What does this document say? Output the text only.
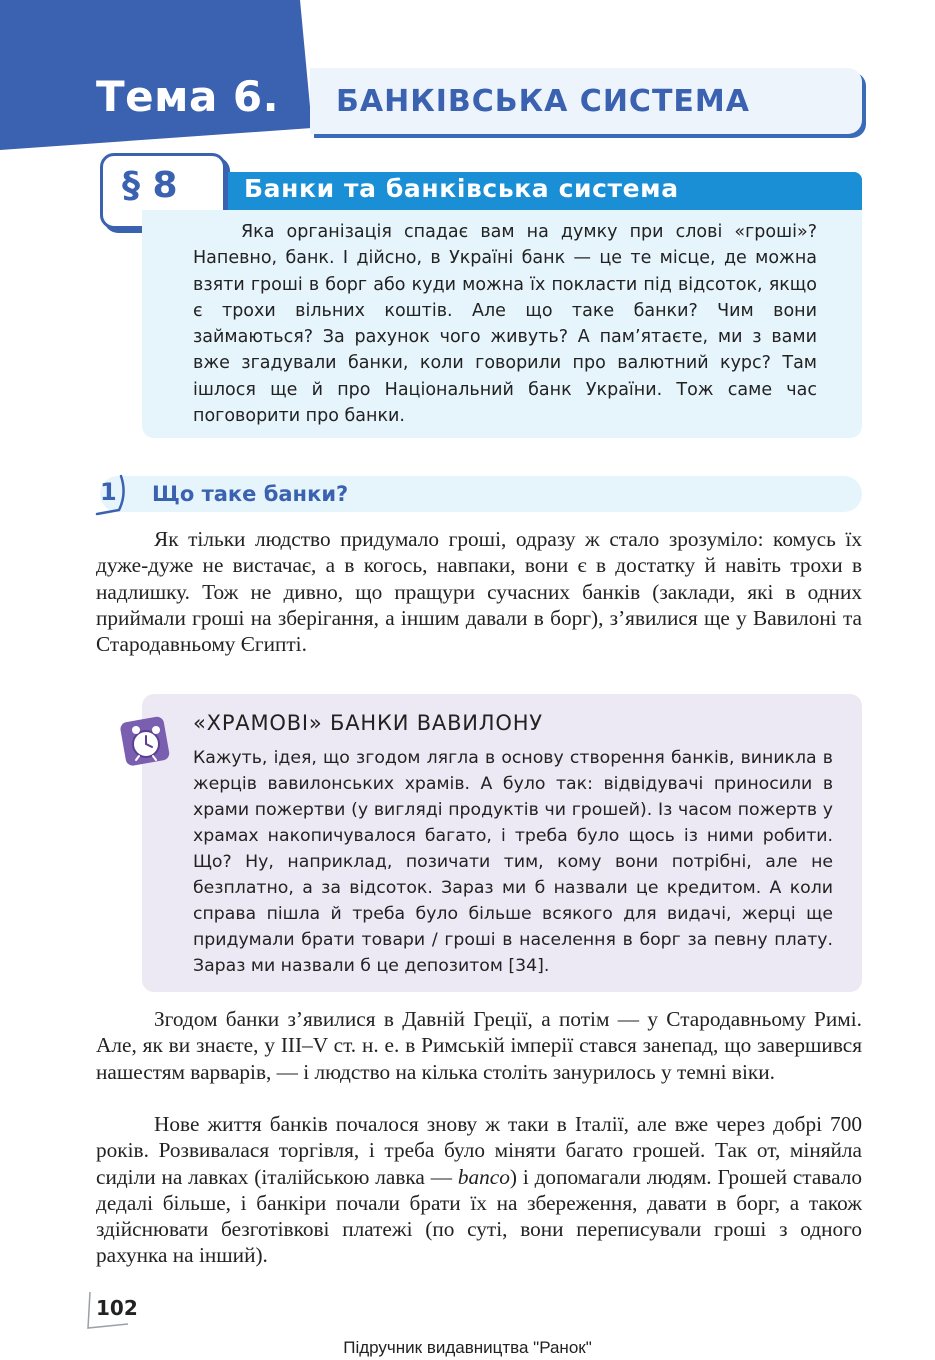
Тема 6. БАНКІВСЬКА СИСТЕМА
§ 8	Банки та банківська система

Яка організація спадає вам на думку при слові «гроші»? Напевно, банк. І дійсно, в Україні банк — це те місце, де можна взяти гроші в борг або куди можна їх покласти під відсоток, якщо є трохи вільних коштів. Але що таке банки? Чим вони займаються? За рахунок чого живуть? А пам’ятаєте, ми з вами вже згадували банки, коли говорили про валютний курс? Там ішлося ще й про Національний банк України. Тож саме час поговорити про банки.

1 Що таке банки?

Як тільки людство придумало гроші, одразу ж стало зрозуміло: комусь їх дуже-дуже не вистачає, а в когось, навпаки, вони є в достатку й навіть трохи в надлишку. Тож не дивно, що пращури сучасних банків (заклади, які в одних приймали гроші на зберігання, а іншим давали в борг), з’явилися ще у Вавилоні та Стародавньому Єгипті.

«ХРАМОВІ» БАНКИ ВАВИЛОНУ

Кажуть, ідея, що згодом лягла в основу створення банків, виникла в жерців вавилонських храмів. А було так: відвідувачі приносили в храми пожертви (у вигляді продуктів чи грошей). Із часом пожертв у храмах накопичувалося багато, і треба було щось із ними робити. Що? Ну, наприклад, позичати тим, кому вони потрібні, але не безплатно, а за відсоток. Зараз ми б назвали це кредитом. А коли справа пішла й треба було більше всякого для видачі, жерці ще придумали брати товари / гроші в населення в борг за певну плату. Зараз ми назвали б це депозитом [34].

Згодом банки з’явилися в Давній Греції, а потім — у Стародавньому Римі. Але, як ви знаєте, у III–V ст. н. е. в Римській імперії стався занепад, що завершився нашестям варварів, — і людство на кілька століть занурилось у темні віки.

Нове життя банків почалося знову ж таки в Італії, але вже через добрі 700 років. Розвивалася торгівля, і треба було міняти багато грошей. Так от, міняйла сиділи на лавках (італійською лавка — banco) і допомагали людям. Грошей ставало дедалі більше, і банкіри почали брати їх на збереження, давати в борг, а також здійснювати безготівкові платежі (по суті, вони переписували гроші з одного рахунка на інший).

102
Підручник видавництва "Ранок"
